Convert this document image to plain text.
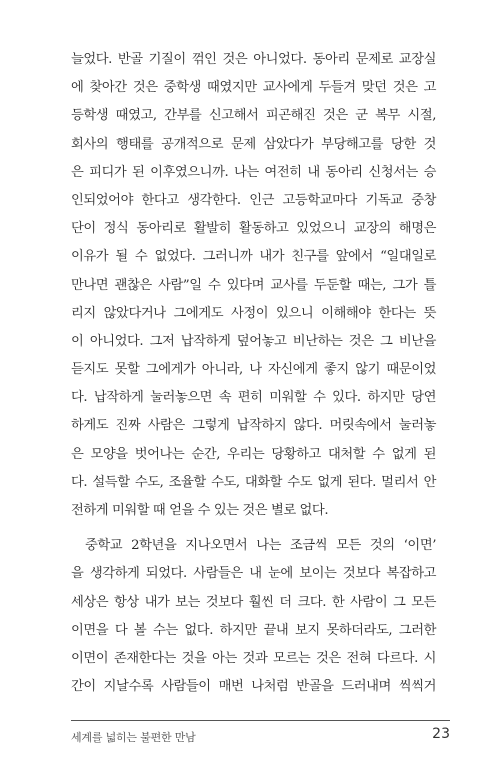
늘었다. 반골 기질이 꺾인 것은 아니었다. 동아리 문제로 교장실
에 찾아간 것은 중학생 때였지만 교사에게 두들겨 맞던 것은 고
등학생 때였고, 간부를 신고해서 피곤해진 것은 군 복무 시절,
회사의 행태를 공개적으로 문제 삼았다가 부당해고를 당한 것
은 피디가 된 이후였으니까. 나는 여전히 내 동아리 신청서는 승
인되었어야 한다고 생각한다. 인근 고등학교마다 기독교 중창
단이 정식 동아리로 활발히 활동하고 있었으니 교장의 해명은
이유가 될 수 없었다. 그러니까 내가 친구를 앞에서 “일대일로
만나면 괜찮은 사람”일 수 있다며 교사를 두둔할 때는, 그가 틀
리지 않았다거나 그에게도 사정이 있으니 이해해야 한다는 뜻
이 아니었다. 그저 납작하게 덮어놓고 비난하는 것은 그 비난을
듣지도 못할 그에게가 아니라, 나 자신에게 좋지 않기 때문이었
다. 납작하게 눌러놓으면 속 편히 미워할 수 있다. 하지만 당연
하게도 진짜 사람은 그렇게 납작하지 않다. 머릿속에서 눌러놓
은 모양을 벗어나는 순간, 우리는 당황하고 대처할 수 없게 된
다. 설득할 수도, 조율할 수도, 대화할 수도 없게 된다. 멀리서 안
전하게 미워할 때 얻을 수 있는 것은 별로 없다.
중학교 2학년을 지나오면서 나는 조금씩 모든 것의 ‘이면’
을 생각하게 되었다. 사람들은 내 눈에 보이는 것보다 복잡하고
세상은 항상 내가 보는 것보다 훨씬 더 크다. 한 사람이 그 모든
이면을 다 볼 수는 없다. 하지만 끝내 보지 못하더라도, 그러한
이면이 존재한다는 것을 아는 것과 모르는 것은 전혀 다르다. 시
간이 지날수록 사람들이 매번 나처럼 반골을 드러내며 씩씩거
세계를 넓히는 불편한 만남	23
